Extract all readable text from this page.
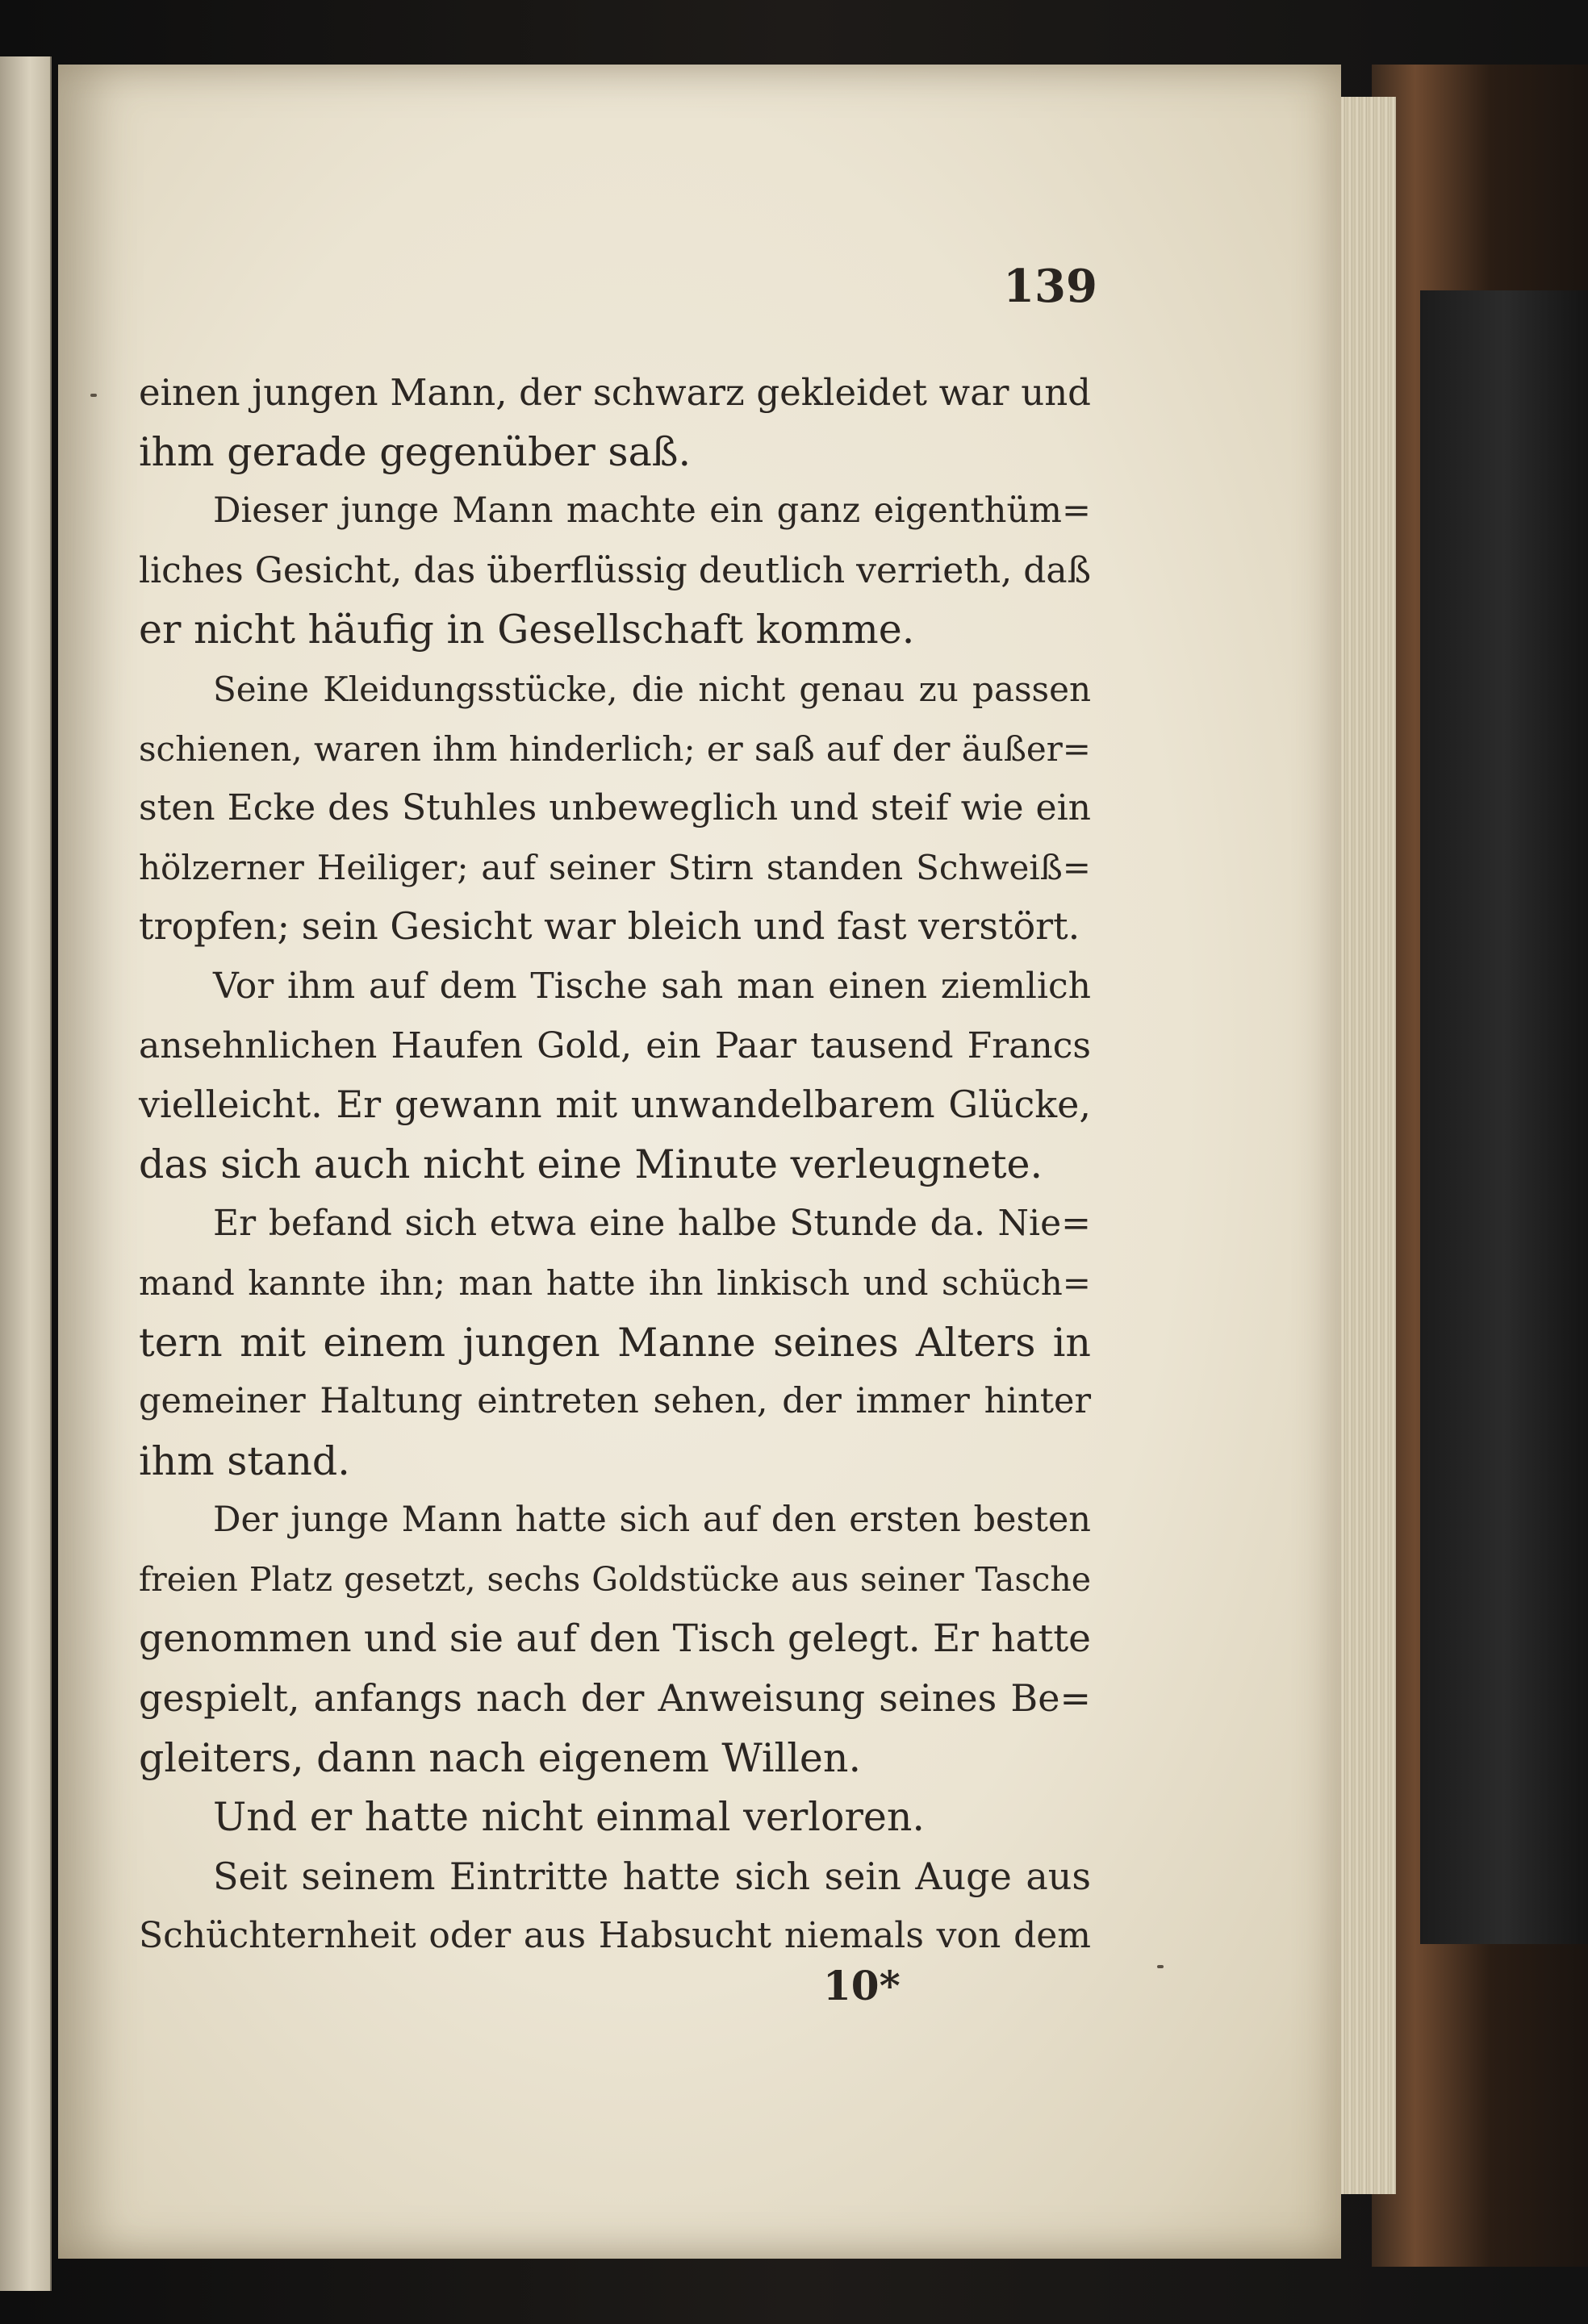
139
einen jungen Mann, der schwarz gekleidet war und
ihm gerade gegenüber saß.
Dieser junge Mann machte ein ganz eigenthüm=
liches Gesicht, das überflüssig deutlich verrieth, daß
er nicht häufig in Gesellschaft komme.
Seine Kleidungsstücke, die nicht genau zu passen
schienen, waren ihm hinderlich; er saß auf der äußer=
sten Ecke des Stuhles unbeweglich und steif wie ein
hölzerner Heiliger; auf seiner Stirn standen Schweiß=
tropfen; sein Gesicht war bleich und fast verstört.
Vor ihm auf dem Tische sah man einen ziemlich
ansehnlichen Haufen Gold, ein Paar tausend Francs
vielleicht. Er gewann mit unwandelbarem Glücke,
das sich auch nicht eine Minute verleugnete.
Er befand sich etwa eine halbe Stunde da. Nie=
mand kannte ihn; man hatte ihn linkisch und schüch=
tern mit einem jungen Manne seines Alters in
gemeiner Haltung eintreten sehen, der immer hinter
ihm stand.
Der junge Mann hatte sich auf den ersten besten
freien Platz gesetzt, sechs Goldstücke aus seiner Tasche
genommen und sie auf den Tisch gelegt. Er hatte
gespielt, anfangs nach der Anweisung seines Be=
gleiters, dann nach eigenem Willen.
Und er hatte nicht einmal verloren.
Seit seinem Eintritte hatte sich sein Auge aus
Schüchternheit oder aus Habsucht niemals von dem
10*
